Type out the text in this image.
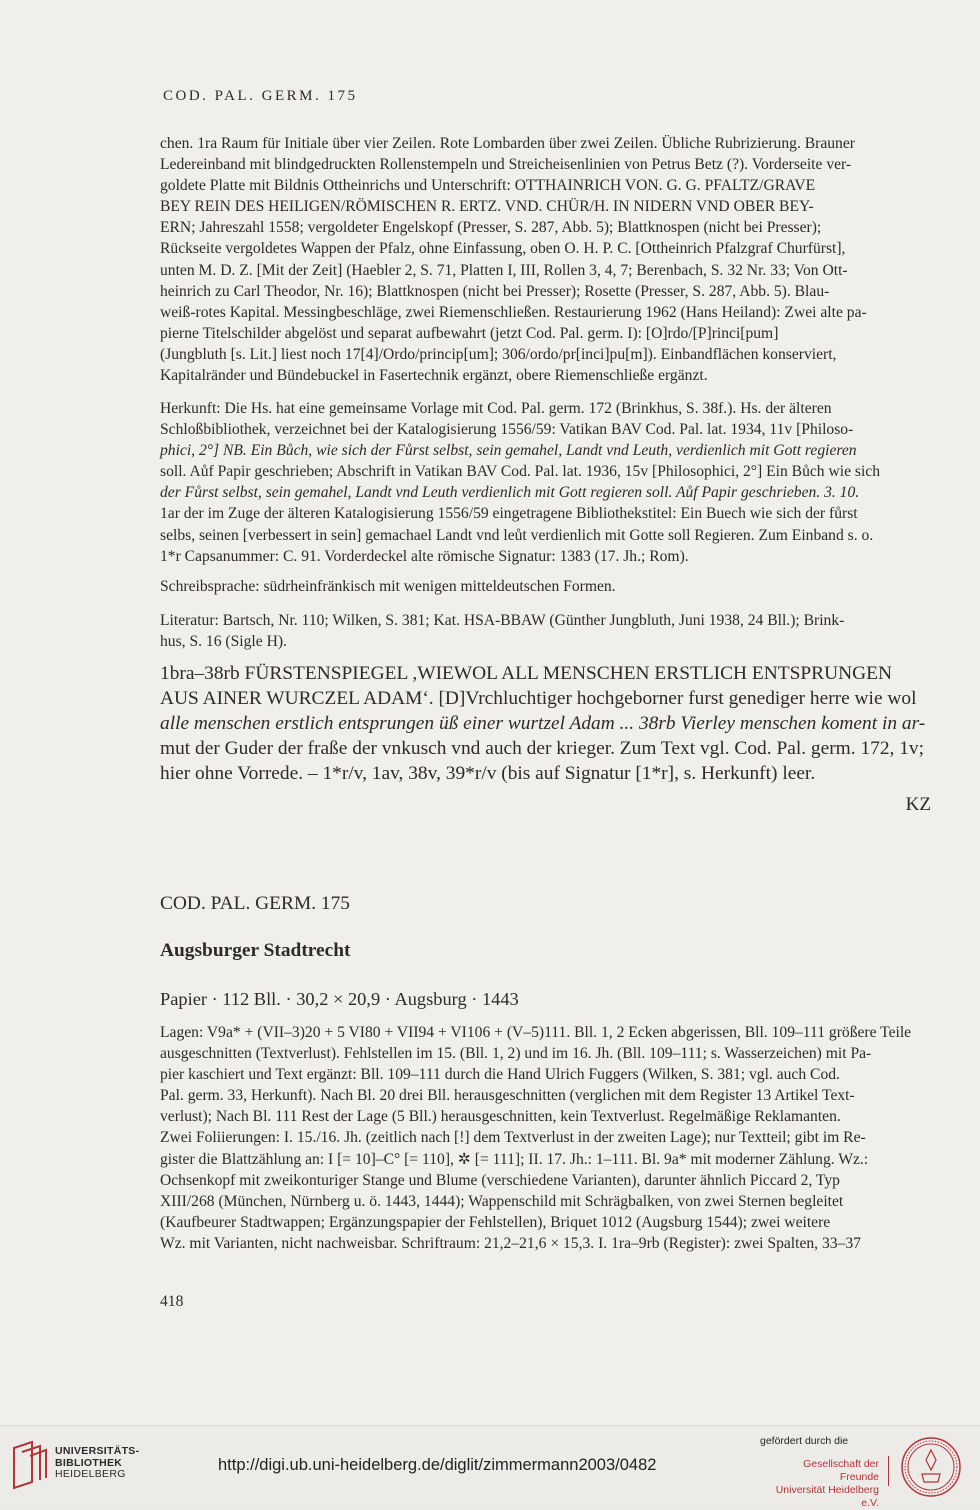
COD. PAL. GERM. 175

chen. 1ra Raum für Initiale über vier Zeilen. Rote Lombarden über zwei Zeilen. Übliche Rubrizierung. Brauner

Ledereinband mit blindgedruckten Rollenstempeln und Streicheisenlinien von Petrus Betz (?). Vorderseite ver-

goldete Platte mit Bildnis Ottheinrichs und Unterschrift: OTTHAINRICH VON. G. G. PFALTZ/GRAVE

BEY REIN DES HEILIGEN/RÖMISCHEN R. ERTZ. VND. CHÜR/H. IN NIDERN VND OBER BEY-

ERN; Jahreszahl 1558; vergoldeter Engelskopf (Presser, S. 287, Abb. 5); Blattknospen (nicht bei Presser);

Rückseite vergoldetes Wappen der Pfalz, ohne Einfassung, oben O. H. P. C. [Ottheinrich Pfalzgraf Churfürst],

unten M. D. Z. [Mit der Zeit] (Haebler 2, S. 71, Platten I, III, Rollen 3, 4, 7; Berenbach, S. 32 Nr. 33; Von Ott-

heinrich zu Carl Theodor, Nr. 16); Blattknospen (nicht bei Presser); Rosette (Presser, S. 287, Abb. 5). Blau-

weiß-rotes Kapital. Messingbeschläge, zwei Riemenschließen. Restaurierung 1962 (Hans Heiland): Zwei alte pa-

pierne Titelschilder abgelöst und separat aufbewahrt (jetzt Cod. Pal. germ. I): [O]rdo/[P]rinci[pum]

(Jungbluth [s. Lit.] liest noch 17[4]/Ordo/princip[um]; 306/ordo/pr[inci]pu[m]). Einbandflächen konserviert,

Kapitalränder und Bündebuckel in Fasertechnik ergänzt, obere Riemenschließe ergänzt.

Herkunft: Die Hs. hat eine gemeinsame Vorlage mit Cod. Pal. germ. 172 (Brinkhus, S. 38f.). Hs. der älteren

Schloßbibliothek, verzeichnet bei der Katalogisierung 1556/59: Vatikan BAV Cod. Pal. lat. 1934, 11v [Philoso-

phici, 2°] NB. Ein Bůch, wie sich der Fůrst selbst, sein gemahel, Landt vnd Leuth, verdienlich mit Gott regieren

soll. Aůf Papir geschrieben; Abschrift in Vatikan BAV Cod. Pal. lat. 1936, 15v [Philosophici, 2°] Ein Bůch wie sich

der Fůrst selbst, sein gemahel, Landt vnd Leuth verdienlich mit Gott regieren soll. Aůf Papir geschrieben. 3. 10.

1ar der im Zuge der älteren Katalogisierung 1556/59 eingetragene Bibliothekstitel: Ein Buech wie sich der fůrst

selbs, seinen [verbessert in sein] gemachael Landt vnd leůt verdienlich mit Gotte soll Regieren. Zum Einband s. o.

1*r Capsanummer: C. 91. Vorderdeckel alte römische Signatur: 1383 (17. Jh.; Rom).

Schreibsprache: südrheinfränkisch mit wenigen mitteldeutschen Formen.

Literatur: Bartsch, Nr. 110; Wilken, S. 381; Kat. HSA-BBAW (Günther Jungbluth, Juni 1938, 24 Bll.); Brink-

hus, S. 16 (Sigle H).

1bra–38rb FÜRSTENSPIEGEL ,WIEWOL ALL MENSCHEN ERSTLICH ENTSPRUNGEN
AUS AINER WURCZEL ADAM‘. [D]Vrchluchtiger hochgeborner furst genediger herre wie wol
alle menschen erstlich entsprungen üß einer wurtzel Adam ... 38rb Vierley menschen koment in ar-
mut der Guder der fraße der vnkusch vnd auch der krieger. Zum Text vgl. Cod. Pal. germ. 172, 1v;
hier ohne Vorrede. – 1*r/v, 1av, 38v, 39*r/v (bis auf Signatur [1*r], s. Herkunft) leer.
KZ
COD. PAL. GERM. 175
Augsburger Stadtrecht
Papier · 112 Bll. · 30,2 × 20,9 · Augsburg · 1443

Lagen: V9a* + (VII–3)20 + 5 VI80 + VII94 + VI106 + (V–5)111. Bll. 1, 2 Ecken abgerissen, Bll. 109–111 größere Teile

ausgeschnitten (Textverlust). Fehlstellen im 15. (Bll. 1, 2) und im 16. Jh. (Bll. 109–111; s. Wasserzeichen) mit Pa-

pier kaschiert und Text ergänzt: Bll. 109–111 durch die Hand Ulrich Fuggers (Wilken, S. 381; vgl. auch Cod.

Pal. germ. 33, Herkunft). Nach Bl. 20 drei Bll. herausgeschnitten (verglichen mit dem Register 13 Artikel Text-

verlust); Nach Bl. 111 Rest der Lage (5 Bll.) herausgeschnitten, kein Textverlust. Regelmäßige Reklamanten.

Zwei Foliierungen: I. 15./16. Jh. (zeitlich nach [!] dem Textverlust in der zweiten Lage); nur Textteil; gibt im Re-

gister die Blattzählung an: I [= 10]–C° [= 110], ✲ [= 111]; II. 17. Jh.: 1–111. Bl. 9a* mit moderner Zählung. Wz.:

Ochsenkopf mit zweikonturiger Stange und Blume (verschiedene Varianten), darunter ähnlich Piccard 2, Typ

XIII/268 (München, Nürnberg u. ö. 1443, 1444); Wappenschild mit Schrägbalken, von zwei Sternen begleitet

(Kaufbeurer Stadtwappen; Ergänzungspapier der Fehlstellen), Briquet 1012 (Augsburg 1544); zwei weitere

Wz. mit Varianten, nicht nachweisbar. Schriftraum: 21,2–21,6 × 15,3. I. 1ra–9rb (Register): zwei Spalten, 33–37

418
UNIVERSITÄTS-
BIBLIOTHEK
HEIDELBERG	http://digi.ub.uni-heidelberg.de/diglit/zimmermann2003/0482
gefördert durch die
Gesellschaft der Freunde
Universität Heidelberg e.V.
